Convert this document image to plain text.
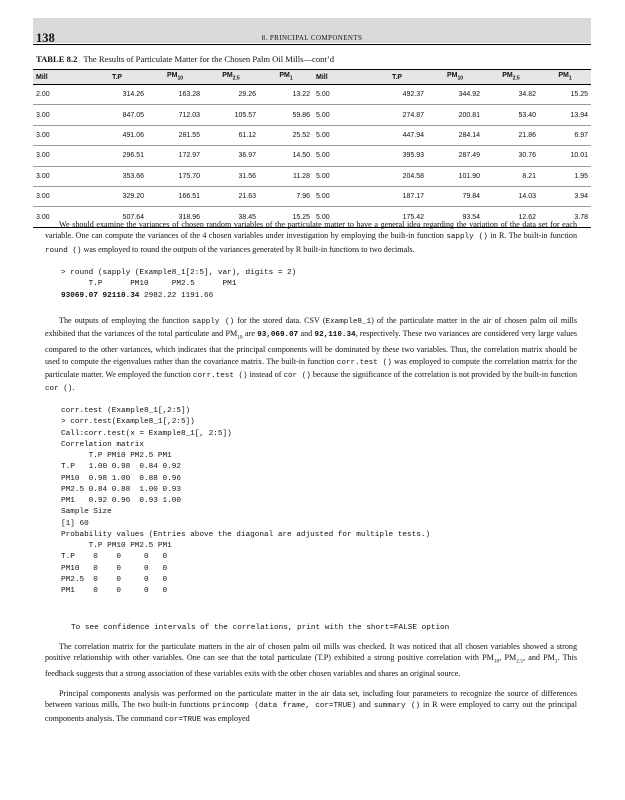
138	8. PRINCIPAL COMPONENTS
TABLE 8.2 The Results of Particulate Matter for the Chosen Palm Oil Mills—cont’d
Mill	T.P	$PM_{10}$	$PM_{2.5}$	$PM_1$	Mill	T.P	$PM_{10}$	$PM_{2.5}$	$PM_1$
2.00	314.26	163.28	29.26	13.22	5.00	492.37	344.92	34.82	15.25
3.00	847.05	712.03	105.57	59.86	5.00	274.87	200.81	53.40	13.94
3.00	491.06	281.55	61.12	25.52	5.00	447.94	284.14	21.86	6.97
3.00	296.51	172.97	36.97	14.50	5.00	395.93	287.49	30.76	10.01
3.00	353.66	175.70	31.56	11.28	5.00	204.58	101.90	8.21	1.95
3.00	329.20	166.51	21.63	7.96	5.00	187.17	79.84	14.03	3.94
3.00	507.64	318.96	38.45	15.25	5.00	175.42	93.54	12.62	3.78

We should examine the variances of chosen random variables of the particulate matter to have a general idea regarding the variation of the data set for each variable. One can compute the variances of the 4 chosen variables under investigation by employing the built-in function sapply () in R. The built-in function round () was employed to round the outputs of the variances generated by R built-in functions to two decimals.

> round (sapply (Example8_1[2:5], var), digits = 2)
T.P      PM10     PM2.5      PM1
93069.07 92110.34 2982.22 1191.66

The outputs of employing the function sapply () for the stored data. CSV (Example8_1) of the particulate matter in the air of chosen palm oil mills exhibited that the variances of the total particulate and $PM_{10}$ are 93,069.07 and 92,110.34, respectively. These two variances are considered very large values compared to the other variances, which indicates that the principal components will be dominated by these two variables. Thus, the correlation matrix should be used to compute the eigenvalues rather than the covariance matrix. The built-in function corr.test () was employed to compute the correlation matrix for the particulate matter. We employed the function corr.test () instead of cor () because the significance of the correlation is not provided by the built-in function cor ().

corr.test (Example8_1[,2:5])
> corr.test(Example8_1[,2:5])
Call:corr.test(x = Example8_1[, 2:5])
Correlation matrix
T.P PM10 PM2.5 PM1
T.P   1.00 0.98  0.84 0.92
PM10  0.98 1.00  0.88 0.96
PM2.5 0.84 0.88  1.00 0.93
PM1   0.92 0.96  0.93 1.00
Sample Size
[1] 60
Probability values (Entries above the diagonal are adjusted for multiple tests.)
T.P PM10 PM2.5 PM1
T.P    0    0     0   0
PM10   0    0     0   0
PM2.5  0    0     0   0
PM1    0    0     0   0
To see confidence intervals of the correlations, print with the short=FALSE option

The correlation matrix for the particulate matters in the air of chosen palm oil mills was checked. It was noticed that all chosen variables showed a strong positive relationship with other variables. One can see that the total particulate (T.P) exhibited a strong positive correlation with $PM_{10}$, $PM_{2.5}$, and $PM_1$. This feedback suggests that a strong association of these variables exits with the other chosen variables and shares an original source.

Principal components analysis was performed on the particulate matter in the air data set, including four parameters to recognize the source of differences between various mills. The two built-in functions princomp (data frame, cor=TRUE) and summary () in R were employed to carry out the principal components analysis. The command cor=TRUE was employed
